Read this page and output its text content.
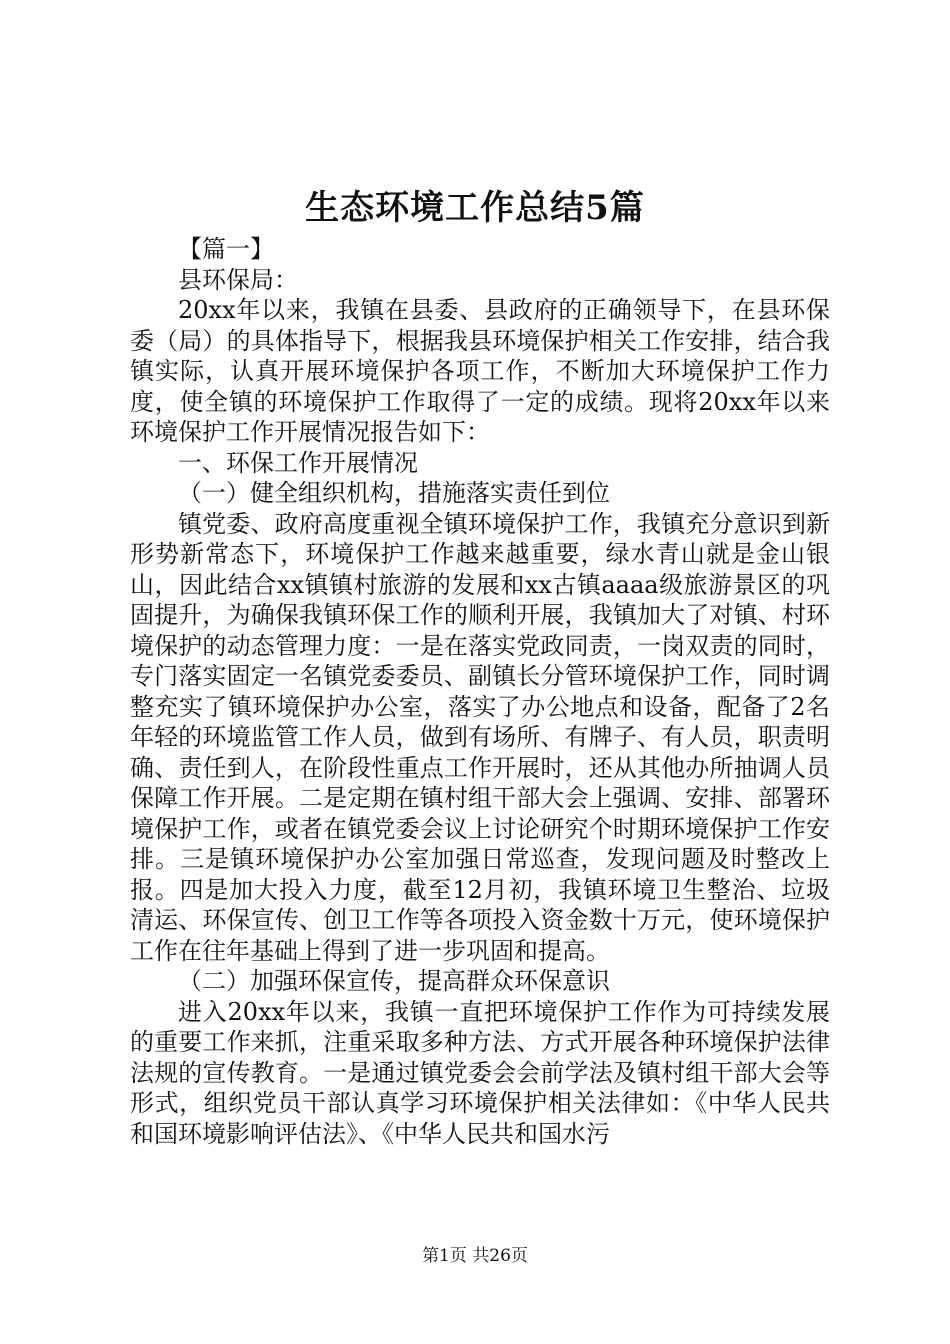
生态环境工作总结5篇

【篇一】

县环保局：

20xx年以来，我镇在县委、县政府的正确领导下，在县环保委（局）的具体指导下，根据我县环境保护相关工作安排，结合我镇实际，认真开展环境保护各项工作，不断加大环境保护工作力度，使全镇的环境保护工作取得了一定的成绩。现将20xx年以来环境保护工作开展情况报告如下：

一、环保工作开展情况

（一）健全组织机构，措施落实责任到位

镇党委、政府高度重视全镇环境保护工作，我镇充分意识到新形势新常态下，环境保护工作越来越重要，绿水青山就是金山银山，因此结合xx镇镇村旅游的发展和xx古镇aaaa级旅游景区的巩固提升，为确保我镇环保工作的顺利开展，我镇加大了对镇、村环境保护的动态管理力度：一是在落实党政同责，一岗双责的同时，专门落实固定一名镇党委委员、副镇长分管环境保护工作，同时调整充实了镇环境保护办公室，落实了办公地点和设备，配备了2名年轻的环境监管工作人员，做到有场所、有牌子、有人员，职责明确、责任到人，在阶段性重点工作开展时，还从其他办所抽调人员保障工作开展。二是定期在镇村组干部大会上强调、安排、部署环境保护工作，或者在镇党委会议上讨论研究个时期环境保护工作安排。三是镇环境保护办公室加强日常巡查，发现问题及时整改上报。四是加大投入力度，截至12月初，我镇环境卫生整治、垃圾清运、环保宣传、创卫工作等各项投入资金数十万元，使环境保护工作在往年基础上得到了进一步巩固和提高。

（二）加强环保宣传，提高群众环保意识

进入20xx年以来，我镇一直把环境保护工作作为可持续发展的重要工作来抓，注重采取多种方法、方式开展各种环境保护法律法规的宣传教育。一是通过镇党委会会前学法及镇村组干部大会等形式，组织党员干部认真学习环境保护相关法律如：《中华人民共和国环境影响评估法》、《中华人民共和国水污

第1页 共26页
